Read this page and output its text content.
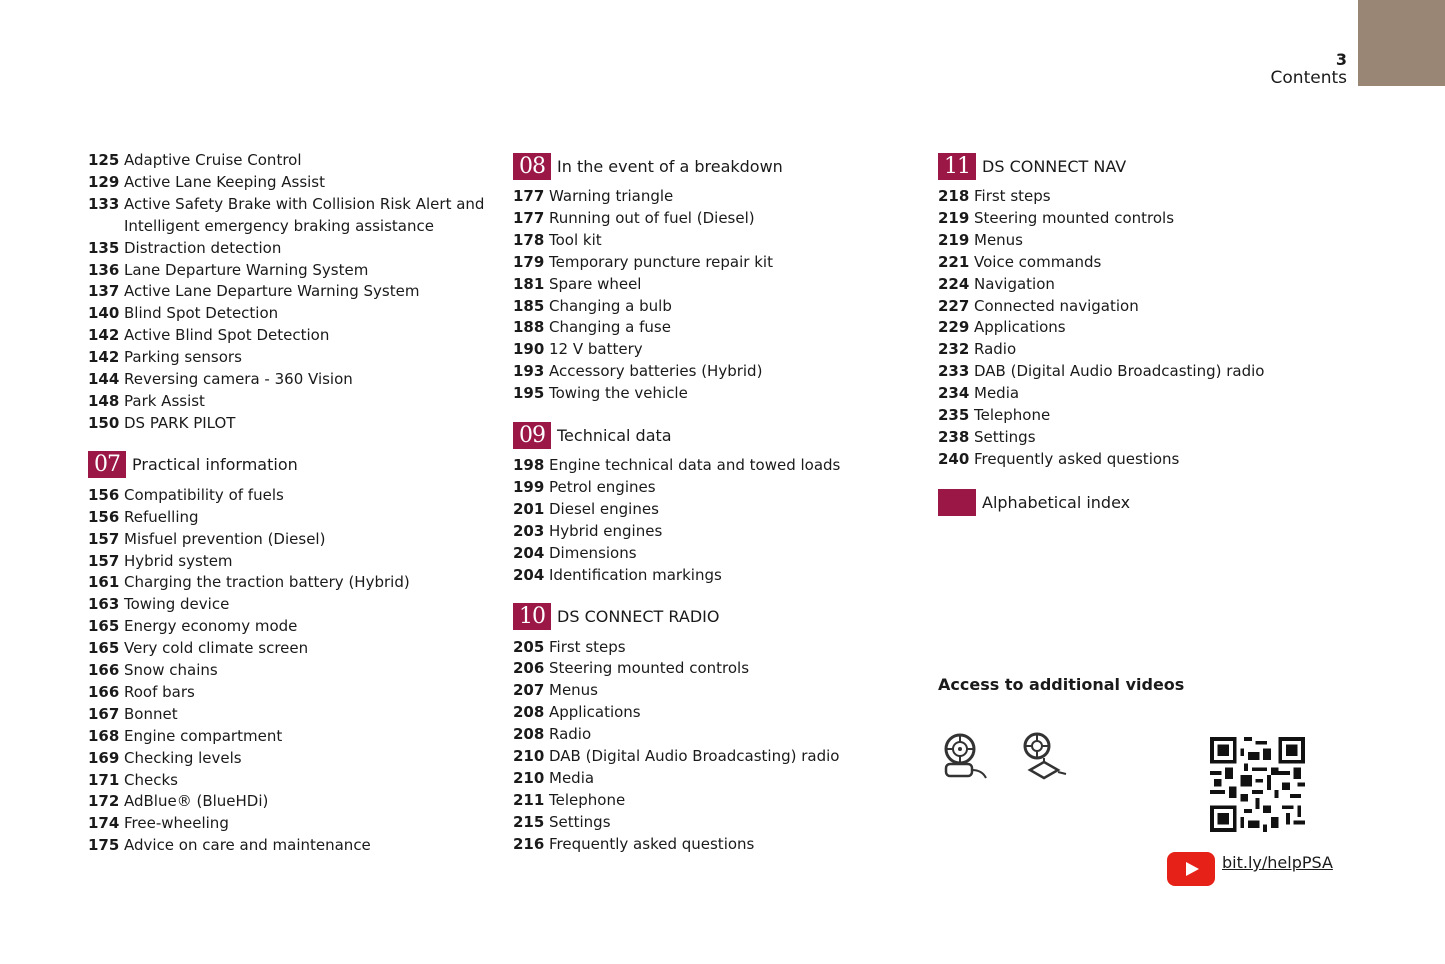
3
Contents
125 Adaptive Cruise Control
129 Active Lane Keeping Assist
133 Active Safety Brake with Collision Risk Alert and Intelligent emergency braking assistance
135 Distraction detection
136 Lane Departure Warning System
137 Active Lane Departure Warning System
140 Blind Spot Detection
142 Active Blind Spot Detection
142 Parking sensors
144 Reversing camera - 360 Vision
148 Park Assist
150 DS PARK PILOT
07 Practical information
156 Compatibility of fuels
156 Refuelling
157 Misfuel prevention (Diesel)
157 Hybrid system
161 Charging the traction battery (Hybrid)
163 Towing device
165 Energy economy mode
165 Very cold climate screen
166 Snow chains
166 Roof bars
167 Bonnet
168 Engine compartment
169 Checking levels
171 Checks
172 AdBlue® (BlueHDi)
174 Free-wheeling
175 Advice on care and maintenance
08 In the event of a breakdown
177 Warning triangle
177 Running out of fuel (Diesel)
178 Tool kit
179 Temporary puncture repair kit
181 Spare wheel
185 Changing a bulb
188 Changing a fuse
190 12 V battery
193 Accessory batteries (Hybrid)
195 Towing the vehicle
09 Technical data
198 Engine technical data and towed loads
199 Petrol engines
201 Diesel engines
203 Hybrid engines
204 Dimensions
204 Identification markings
10 DS CONNECT RADIO
205 First steps
206 Steering mounted controls
207 Menus
208 Applications
208 Radio
210 DAB (Digital Audio Broadcasting) radio
210 Media
211 Telephone
215 Settings
216 Frequently asked questions
11 DS CONNECT NAV
218 First steps
219 Steering mounted controls
219 Menus
221 Voice commands
224 Navigation
227 Connected navigation
229 Applications
232 Radio
233 DAB (Digital Audio Broadcasting) radio
234 Media
235 Telephone
238 Settings
240 Frequently asked questions
Alphabetical index
Access to additional videos
bit.ly/helpPSA
